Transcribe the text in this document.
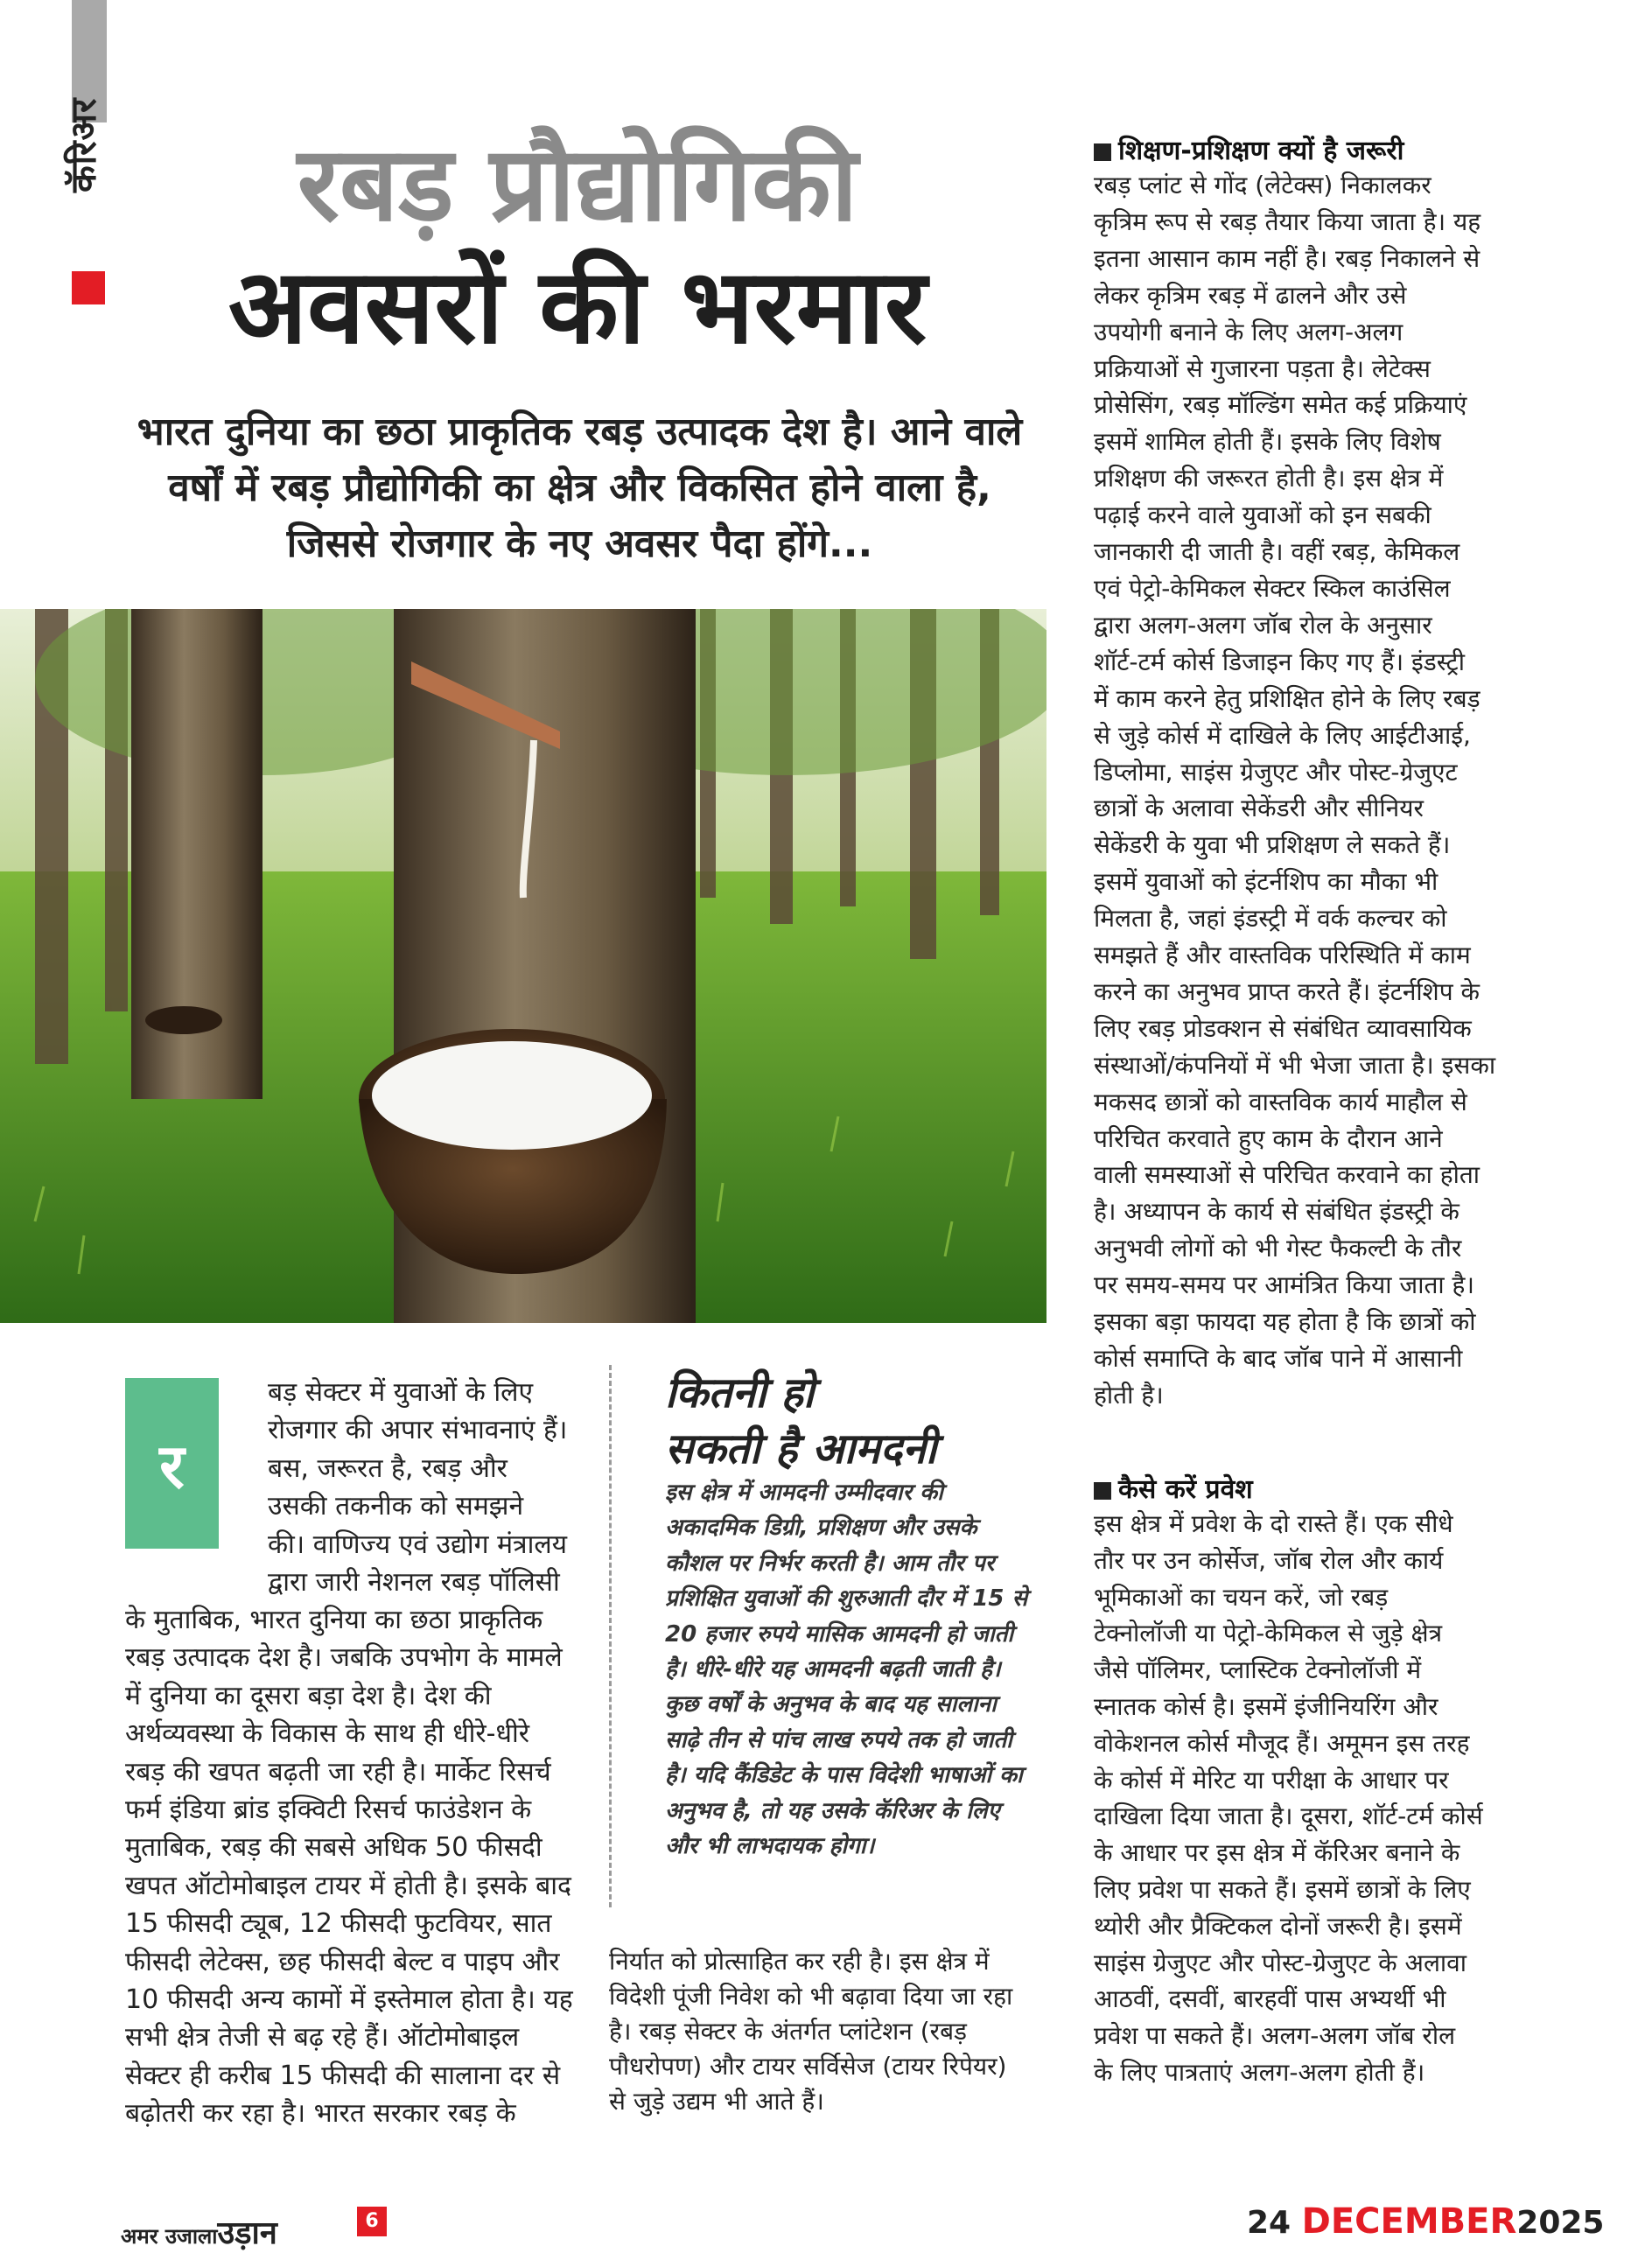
कॅरिअर	रबड़ प्रौद्योगिकी
अवसरों की भरमार
भारत दुनिया का छठा प्राकृतिक रबड़ उत्पादक देश है। आने वाले वर्षों में रबड़ प्रौद्योगिकी का क्षेत्र और विकसित होने वाला है, जिससे रोजगार के नए अवसर पैदा होंगे...
र
बड़ सेक्टर में युवाओं के लिए
रोजगार की अपार संभावनाएं हैं।
बस, जरूरत है, रबड़ और
उसकी तकनीक को समझने
की। वाणिज्य एवं उद्योग मंत्रालय
द्वारा जारी नेशनल रबड़ पॉलिसी
के मुताबिक, भारत दुनिया का छठा प्राकृतिक
रबड़ उत्पादक देश है। जबकि उपभोग के मामले
में दुनिया का दूसरा बड़ा देश है। देश की
अर्थव्यवस्था के विकास के साथ ही धीरे-धीरे
रबड़ की खपत बढ़ती जा रही है। मार्केट रिसर्च
फर्म इंडिया ब्रांड इक्विटी रिसर्च फाउंडेशन के
मुताबिक, रबड़ की सबसे अधिक 50 फीसदी
खपत ऑटोमोबाइल टायर में होती है। इसके बाद
15 फीसदी ट्यूब, 12 फीसदी फुटवियर, सात
फीसदी लेटेक्स, छह फीसदी बेल्ट व पाइप और
10 फीसदी अन्य कामों में इस्तेमाल होता है। यह
सभी क्षेत्र तेजी से बढ़ रहे हैं। ऑटोमोबाइल
सेक्टर ही करीब 15 फीसदी की सालाना दर से
बढ़ोतरी कर रहा है। भारत सरकार रबड़ के
कितनी हो
सकती है आमदनी
इस क्षेत्र में आमदनी उम्मीदवार की
अकादमिक डिग्री, प्रशिक्षण और उसके
कौशल पर निर्भर करती है। आम तौर पर
प्रशिक्षित युवाओं की शुरुआती दौर में 15 से
20 हजार रुपये मासिक आमदनी हो जाती
है। धीरे-धीरे यह आमदनी बढ़ती जाती है।
कुछ वर्षों के अनुभव के बाद यह सालाना
साढ़े तीन से पांच लाख रुपये तक हो जाती
है। यदि कैंडिडेट के पास विदेशी भाषाओं का
अनुभव है, तो यह उसके कॅरिअर के लिए
और भी लाभदायक होगा।
निर्यात को प्रोत्साहित कर रही है। इस क्षेत्र में
विदेशी पूंजी निवेश को भी बढ़ावा दिया जा रहा
है। रबड़ सेक्टर के अंतर्गत प्लांटेशन (रबड़
पौधरोपण) और टायर सर्विसेज (टायर रिपेयर)
से जुड़े उद्यम भी आते हैं।
शिक्षण-प्रशिक्षण क्यों है जरूरी
रबड़ प्लांट से गोंद (लेटेक्स) निकालकर
कृत्रिम रूप से रबड़ तैयार किया जाता है। यह
इतना आसान काम नहीं है। रबड़ निकालने से
लेकर कृत्रिम रबड़ में ढालने और उसे
उपयोगी बनाने के लिए अलग-अलग
प्रक्रियाओं से गुजारना पड़ता है। लेटेक्स
प्रोसेसिंग, रबड़ मॉल्डिंग समेत कई प्रक्रियाएं
इसमें शामिल होती हैं। इसके लिए विशेष
प्रशिक्षण की जरूरत होती है। इस क्षेत्र में
पढ़ाई करने वाले युवाओं को इन सबकी
जानकारी दी जाती है। वहीं रबड़, केमिकल
एवं पेट्रो-केमिकल सेक्टर स्किल काउंसिल
द्वारा अलग-अलग जॉब रोल के अनुसार
शॉर्ट-टर्म कोर्स डिजाइन किए गए हैं। इंडस्ट्री
में काम करने हेतु प्रशिक्षित होने के लिए रबड़
से जुड़े कोर्स में दाखिले के लिए आईटीआई,
डिप्लोमा, साइंस ग्रेजुएट और पोस्ट-ग्रेजुएट
छात्रों के अलावा सेकेंडरी और सीनियर
सेकेंडरी के युवा भी प्रशिक्षण ले सकते हैं।
इसमें युवाओं को इंटर्नशिप का मौका भी
मिलता है, जहां इंडस्ट्री में वर्क कल्चर को
समझते हैं और वास्तविक परिस्थिति में काम
करने का अनुभव प्राप्त करते हैं। इंटर्नशिप के
लिए रबड़ प्रोडक्शन से संबंधित व्यावसायिक
संस्थाओं/कंपनियों में भी भेजा जाता है। इसका
मकसद छात्रों को वास्तविक कार्य माहौल से
परिचित करवाते हुए काम के दौरान आने
वाली समस्याओं से परिचित करवाने का होता
है। अध्यापन के कार्य से संबंधित इंडस्ट्री के
अनुभवी लोगों को भी गेस्ट फैकल्टी के तौर
पर समय-समय पर आमंत्रित किया जाता है।
इसका बड़ा फायदा यह होता है कि छात्रों को
कोर्स समाप्ति के बाद जॉब पाने में आसानी
होती है।
कैसे करें प्रवेश
इस क्षेत्र में प्रवेश के दो रास्ते हैं। एक सीधे
तौर पर उन कोर्सेज, जॉब रोल और कार्य
भूमिकाओं का चयन करें, जो रबड़
टेक्नोलॉजी या पेट्रो-केमिकल से जुड़े क्षेत्र
जैसे पॉलिमर, प्लास्टिक टेक्नोलॉजी में
स्नातक कोर्स है। इसमें इंजीनियरिंग और
वोकेशनल कोर्स मौजूद हैं। अमूमन इस तरह
के कोर्स में मेरिट या परीक्षा के आधार पर
दाखिला दिया जाता है। दूसरा, शॉर्ट-टर्म कोर्स
के आधार पर इस क्षेत्र में कॅरिअर बनाने के
लिए प्रवेश पा सकते हैं। इसमें छात्रों के लिए
थ्योरी और प्रैक्टिकल दोनों जरूरी है। इसमें
साइंस ग्रेजुएट और पोस्ट-ग्रेजुएट के अलावा
आठवीं, दसवीं, बारहवीं पास अभ्यर्थी भी
प्रवेश पा सकते हैं। अलग-अलग जॉब रोल
के लिए पात्रताएं अलग-अलग होती हैं।
अमर उजालाउड़ान	6	24 DECEMBER2025
